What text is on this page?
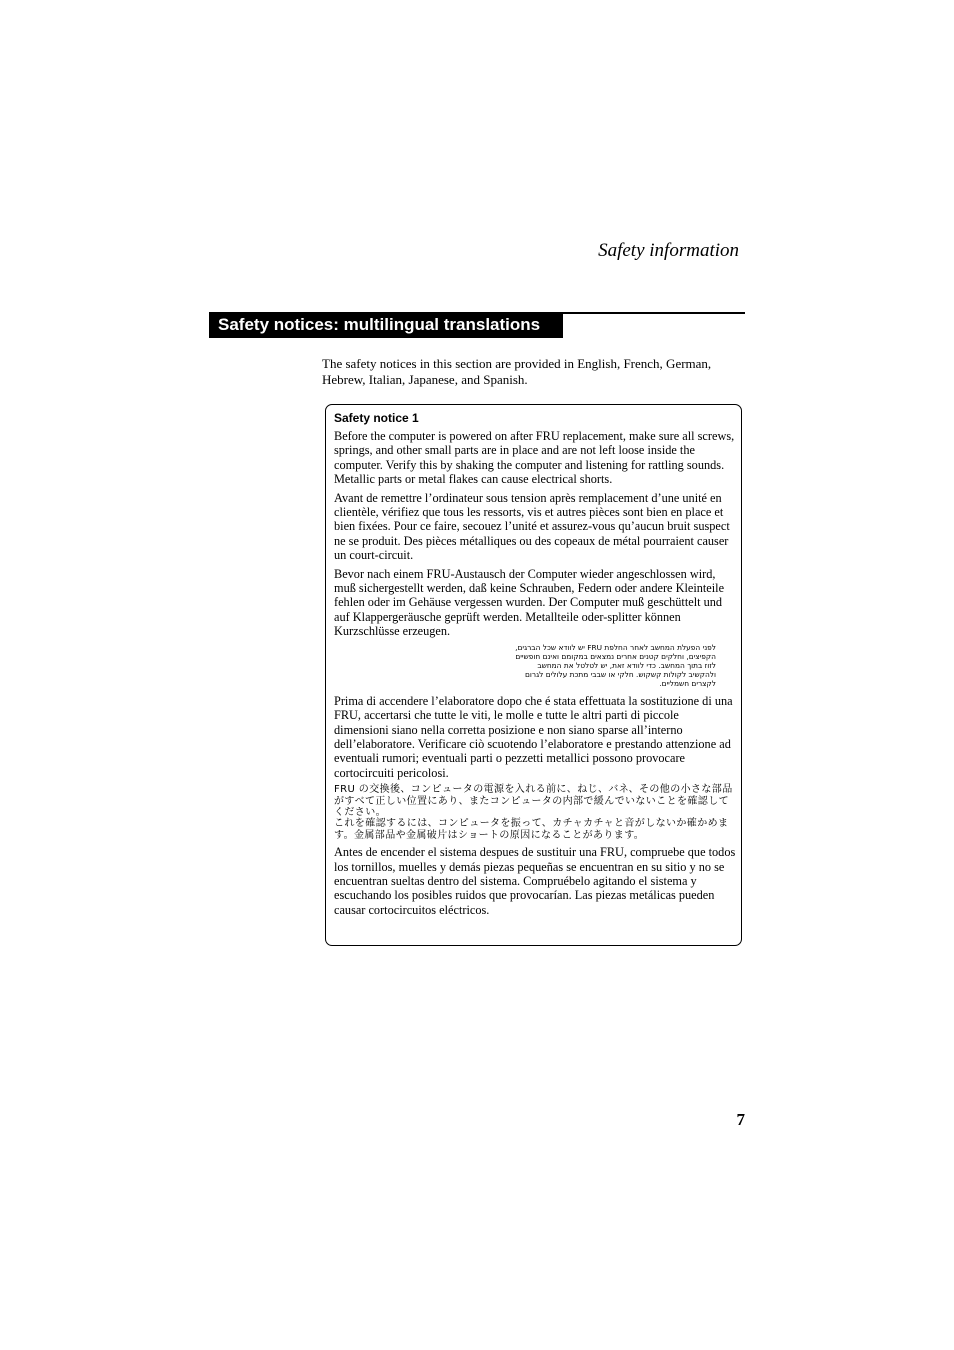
Safety information
Safety notices: multilingual translations
The safety notices in this section are provided in English, French, German, Hebrew, Italian, Japanese, and Spanish.
Safety notice 1

Before the computer is powered on after FRU replacement, make sure all screws, springs, and other small parts are in place and are not left loose inside the computer. Verify this by shaking the computer and listening for rattling sounds. Metallic parts or metal flakes can cause electrical shorts.

Avant de remettre l’ordinateur sous tension après remplacement d’une unité en clientèle, vérifiez que tous les ressorts, vis et autres pièces sont bien en place et bien fixées. Pour ce faire, secouez l’unité et assurez-vous qu’aucun bruit suspect ne se produit. Des pièces métalliques ou des copeaux de métal pourraient causer un court-circuit.

Bevor nach einem FRU-Austausch der Computer wieder angeschlossen wird, muß sichergestellt werden, daß keine Schrauben, Federn oder andere Kleinteile fehlen oder im Gehäuse vergessen wurden. Der Computer muß geschüttelt und auf Klappergeräusche geprüft werden. Metallteile oder-splitter können Kurzschlüsse erzeugen.

לפני הפעלת המחשב לאחר החלפת FRU יש לוודא שכל הברגים, הקפיצים, וחלקים קטנים אחרים נמצאים במקומם ואינם חופשיים לזוז בתוך המחשב. כדי לוודא זאת, יש לטלטל את המחשב ולהקשיב לקולות קשקוש. חלקי או שבבי מתכת עלולים לגרום לקצרים חשמליים.

Prima di accendere l’elaboratore dopo che é stata effettuata la sostituzione di una FRU, accertarsi che tutte le viti, le molle e tutte le altri parti di piccole dimensioni siano nella corretta posizione e non siano sparse all’interno dell’elaboratore. Verificare ciò scuotendo l’elaboratore e prestando attenzione ad eventuali rumori; eventuali parti o pezzetti metallici possono provocare cortocircuiti pericolosi.

FRU の交換後、コンピュータの電源を入れる前に、ねじ、バネ、その他の小さな部品がすべて正しい位置にあり、またコンピュータの内部で緩んでいないことを確認してください。
これを確認するには、コンピュータを振って、カチャカチャと音がしないか確かめます。金属部品や金属破片はショートの原因になることがあります。

Antes de encender el sistema despues de sustituir una FRU, compruebe que todos los tornillos, muelles y demás piezas pequeñas se encuentran en su sitio y no se encuentran sueltas dentro del sistema. Compruébelo agitando el sistema y escuchando los posibles ruidos que provocarían. Las piezas metálicas pueden causar cortocircuitos eléctricos.

7
